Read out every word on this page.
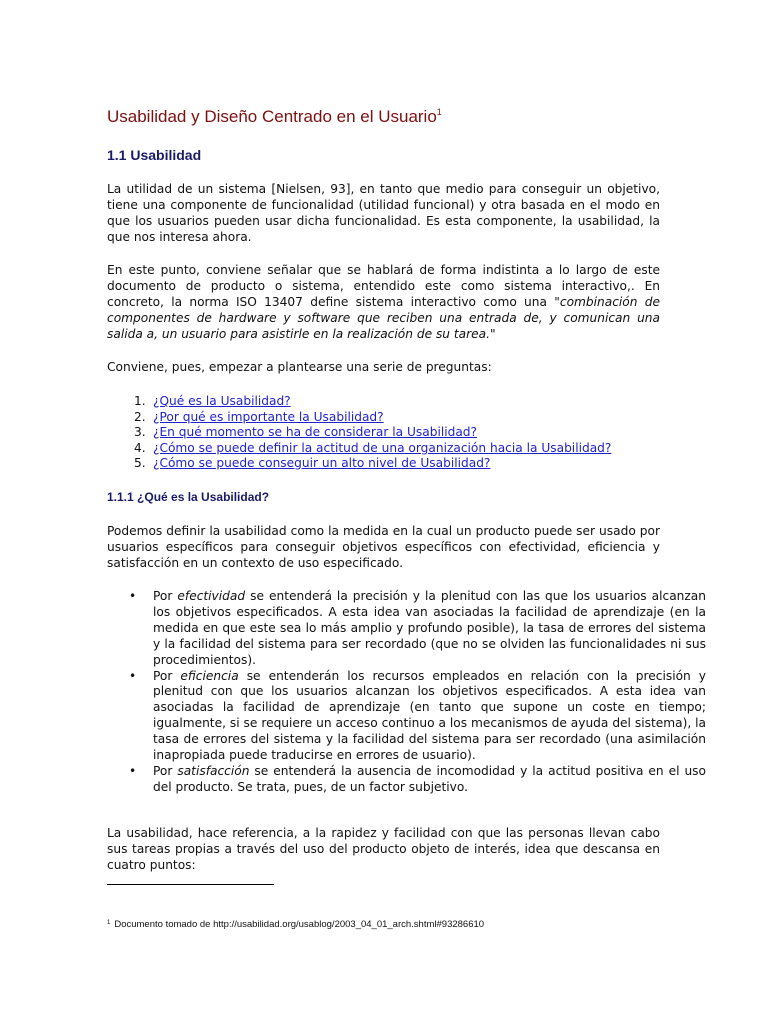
Usabilidad y Diseño Centrado en el Usuario$^1$
1.1 Usabilidad

La utilidad de un sistema [Nielsen, 93], en tanto que medio para conseguir un objetivo, tiene una componente de funcionalidad (utilidad funcional) y otra basada en el modo en que los usuarios pueden usar dicha funcionalidad. Es esta componente, la usabilidad, la que nos interesa ahora.

En este punto, conviene señalar que se hablará de forma indistinta a lo largo de este documento de producto o sistema, entendido este como sistema interactivo,. En concreto, la norma ISO 13407 define sistema interactivo como una "combinación de componentes de hardware y software que reciben una entrada de, y comunican una salida a, un usuario para asistirle en la realización de su tarea."

Conviene, pues, empezar a plantearse una serie de preguntas:

1. ¿Qué es la Usabilidad?
2. ¿Por qué es importante la Usabilidad?
3. ¿En qué momento se ha de considerar la Usabilidad?
4. ¿Cómo se puede definir la actitud de una organización hacia la Usabilidad?
5. ¿Cómo se puede conseguir un alto nivel de Usabilidad?
1.1.1 ¿Qué es la Usabilidad?

Podemos definir la usabilidad como la medida en la cual un producto puede ser usado por usuarios específicos para conseguir objetivos específicos con efectividad, eficiencia y satisfacción en un contexto de uso especificado.

• Por efectividad se entenderá la precisión y la plenitud con las que los usuarios alcanzan los objetivos especificados. A esta idea van asociadas la facilidad de aprendizaje (en la medida en que este sea lo más amplio y profundo posible), la tasa de errores del sistema y la facilidad del sistema para ser recordado (que no se olviden las funcionalidades ni sus procedimientos).
• Por eficiencia se entenderán los recursos empleados en relación con la precisión y plenitud con que los usuarios alcanzan los objetivos especificados. A esta idea van asociadas la facilidad de aprendizaje (en tanto que supone un coste en tiempo; igualmente, si se requiere un acceso continuo a los mecanismos de ayuda del sistema), la tasa de errores del sistema y la facilidad del sistema para ser recordado (una asimilación inapropiada puede traducirse en errores de usuario).
• Por satisfacción se entenderá la ausencia de incomodidad y la actitud positiva en el uso del producto. Se trata, pues, de un factor subjetivo.

La usabilidad, hace referencia, a la rapidez y facilidad con que las personas llevan cabo sus tareas propias a través del uso del producto objeto de interés, idea que descansa en cuatro puntos:

$^1$ Documento tomado de http://usabilidad.org/usablog/2003_04_01_arch.shtml#93286610
